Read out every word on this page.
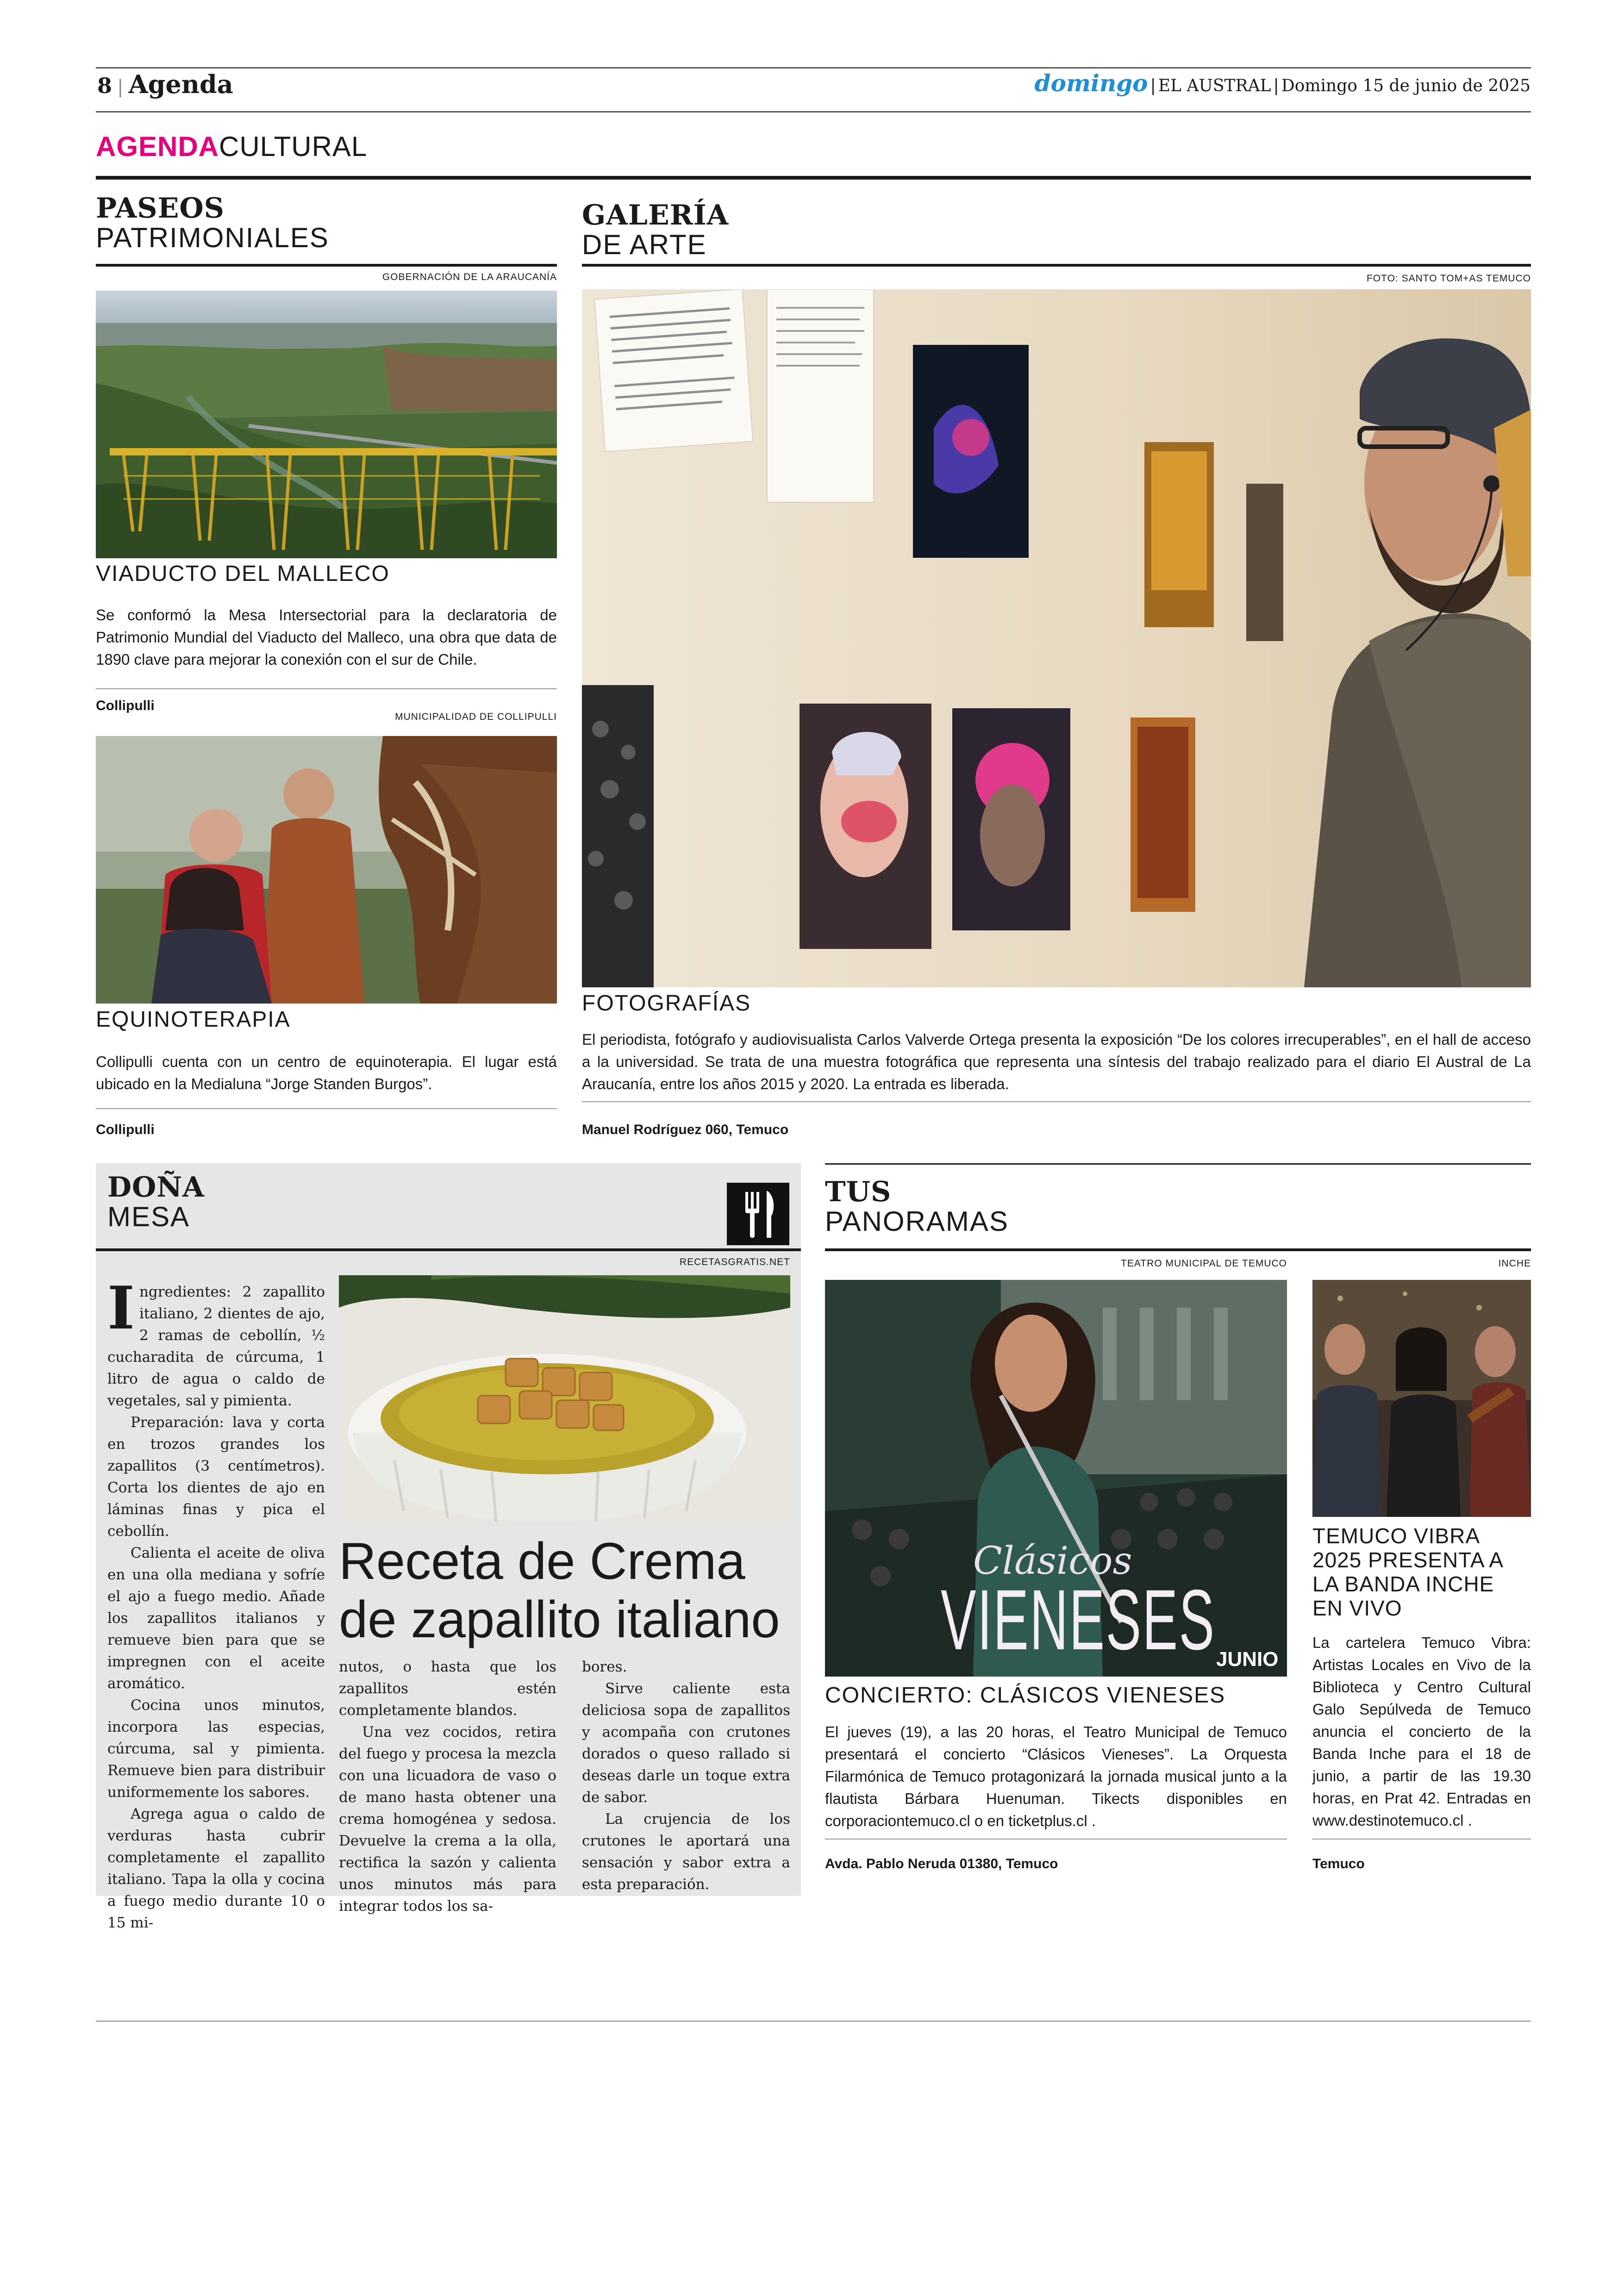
8 | Agenda	domingo | EL AUSTRAL | Domingo 15 de junio de 2025
AGENDACULTURAL
PASEOS
PATRIMONIALES
GOBERNACIÓN DE LA ARAUCANÍA
VIADUCTO DEL MALLECO
Se conformó la Mesa Intersectorial para la declaratoria de Patrimonio Mundial del Viaducto del Malleco, una obra que data de 1890 clave para mejorar la conexión con el sur de Chile.
Collipulli
MUNICIPALIDAD DE COLLIPULLI
EQUINOTERAPIA
Collipulli cuenta con un centro de equinoterapia. El lugar está ubicado en la Medialuna “Jorge Standen Burgos”.
Collipulli
GALERÍA
DE ARTE
FOTO: SANTO TOM+AS TEMUCO
FOTOGRAFÍAS
El periodista, fotógrafo y audiovisualista Carlos Valverde Ortega presenta la exposición “De los colores irrecuperables”, en el hall de acceso a la universidad. Se trata de una muestra fotográfica que representa una síntesis del trabajo realizado para el diario El Austral de La Araucanía, entre los años 2015 y 2020. La entrada es liberada.
Manuel Rodríguez 060, Temuco
DOÑA
MESA
RECETASGRATIS.NET

Ingredientes: 2 zapallito italiano, 2 dientes de ajo, 2 ramas de cebollín, ½ cucharadita de cúrcuma, 1 litro de agua o caldo de vegetales, sal y pimienta.

Preparación: lava y corta en trozos grandes los zapallitos (3 centímetros). Corta los dientes de ajo en láminas finas y pica el cebollín.

Calienta el aceite de oliva en una olla mediana y sofríe el ajo a fuego medio. Añade los zapallitos italianos y remueve bien para que se impregnen con el aceite aromático.

Cocina unos minutos, incorpora las especias, cúrcuma, sal y pimienta. Remueve bien para distribuir uniformemente los sabores.

Agrega agua o caldo de verduras hasta cubrir completamente el zapallito italiano. Tapa la olla y cocina a fuego medio durante 10 o 15 mi-

Receta de Crema de zapallito italiano

nutos, o hasta que los zapallitos estén completamente blandos.

Una vez cocidos, retira del fuego y procesa la mezcla con una licuadora de vaso o de mano hasta obtener una crema homogénea y sedosa. Devuelve la crema a la olla, rectifica la sazón y calienta unos minutos más para integrar todos los sa-

bores.

Sirve caliente esta deliciosa sopa de zapallitos y acompaña con crutones dorados o queso rallado si deseas darle un toque extra de sabor.

La crujencia de los crutones le aportará una sensación y sabor extra a esta preparación.

TUS
PANORAMAS
TEATRO MUNICIPAL DE TEMUCO	INCHE
Clásicos
VIENESES JUNIO
CONCIERTO: CLÁSICOS VIENESES
El jueves (19), a las 20 horas, el Teatro Municipal de Temuco presentará el concierto “Clásicos Vieneses”. La Orquesta Filarmónica de Temuco protagonizará la jornada musical junto a la flautista Bárbara Huenuman. Tikects disponibles en corporaciontemuco.cl o en ticketplus.cl .
Avda. Pablo Neruda 01380, Temuco
TEMUCO VIBRA 2025 PRESENTA A LA BANDA INCHE EN VIVO
La cartelera Temuco Vibra: Artistas Locales en Vivo de la Biblioteca y Centro Cultural Galo Sepúlveda de Temuco anuncia el concierto de la Banda Inche para el 18 de junio, a partir de las 19.30 horas, en Prat 42. Entradas en www.destinotemuco.cl .
Temuco
